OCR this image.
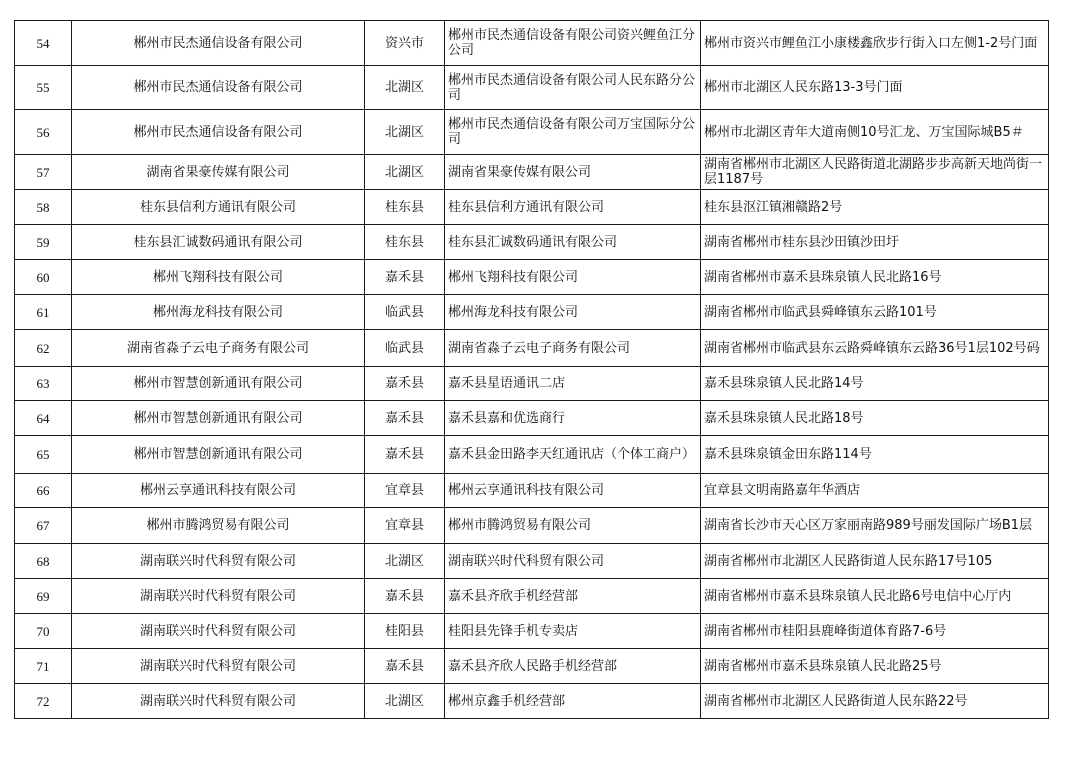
54	郴州市民杰通信设备有限公司	资兴市	郴州市民杰通信设备有限公司资兴鲤鱼江分公司	郴州市资兴市鲤鱼江小康楼鑫欣步行街入口左侧1-2号门面
55	郴州市民杰通信设备有限公司	北湖区	郴州市民杰通信设备有限公司人民东路分公司	郴州市北湖区人民东路13-3号门面
56	郴州市民杰通信设备有限公司	北湖区	郴州市民杰通信设备有限公司万宝国际分公司	郴州市北湖区青年大道南侧10号汇龙、万宝国际城B5＃
57	湖南省果豪传媒有限公司	北湖区	湖南省果豪传媒有限公司	湖南省郴州市北湖区人民路街道北湖路步步高新天地尚街一层1187号
58	桂东县信利方通讯有限公司	桂东县	桂东县信利方通讯有限公司	桂东县沤江镇湘赣路2号
59	桂东县汇诚数码通讯有限公司	桂东县	桂东县汇诚数码通讯有限公司	湖南省郴州市桂东县沙田镇沙田圩
60	郴州飞翔科技有限公司	嘉禾县	郴州飞翔科技有限公司	湖南省郴州市嘉禾县珠泉镇人民北路16号
61	郴州海龙科技有限公司	临武县	郴州海龙科技有限公司	湖南省郴州市临武县舜峰镇东云路101号
62	湖南省淼子云电子商务有限公司	临武县	湖南省淼子云电子商务有限公司	湖南省郴州市临武县东云路舜峰镇东云路36号1层102号码
63	郴州市智慧创新通讯有限公司	嘉禾县	嘉禾县星语通讯二店	嘉禾县珠泉镇人民北路14号
64	郴州市智慧创新通讯有限公司	嘉禾县	嘉禾县嘉和优选商行	嘉禾县珠泉镇人民北路18号
65	郴州市智慧创新通讯有限公司	嘉禾县	嘉禾县金田路李天红通讯店（个体工商户）	嘉禾县珠泉镇金田东路114号
66	郴州云享通讯科技有限公司	宜章县	郴州云享通讯科技有限公司	宜章县文明南路嘉年华酒店
67	郴州市腾鸿贸易有限公司	宜章县	郴州市腾鸿贸易有限公司	湖南省长沙市天心区万家丽南路989号丽发国际广场B1层
68	湖南联兴时代科贸有限公司	北湖区	湖南联兴时代科贸有限公司	湖南省郴州市北湖区人民路街道人民东路17号105
69	湖南联兴时代科贸有限公司	嘉禾县	嘉禾县齐欣手机经营部	湖南省郴州市嘉禾县珠泉镇人民北路6号电信中心厅内
70	湖南联兴时代科贸有限公司	桂阳县	桂阳县先锋手机专卖店	湖南省郴州市桂阳县鹿峰街道体育路7-6号
71	湖南联兴时代科贸有限公司	嘉禾县	嘉禾县齐欣人民路手机经营部	湖南省郴州市嘉禾县珠泉镇人民北路25号
72	湖南联兴时代科贸有限公司	北湖区	郴州京鑫手机经营部	湖南省郴州市北湖区人民路街道人民东路22号
